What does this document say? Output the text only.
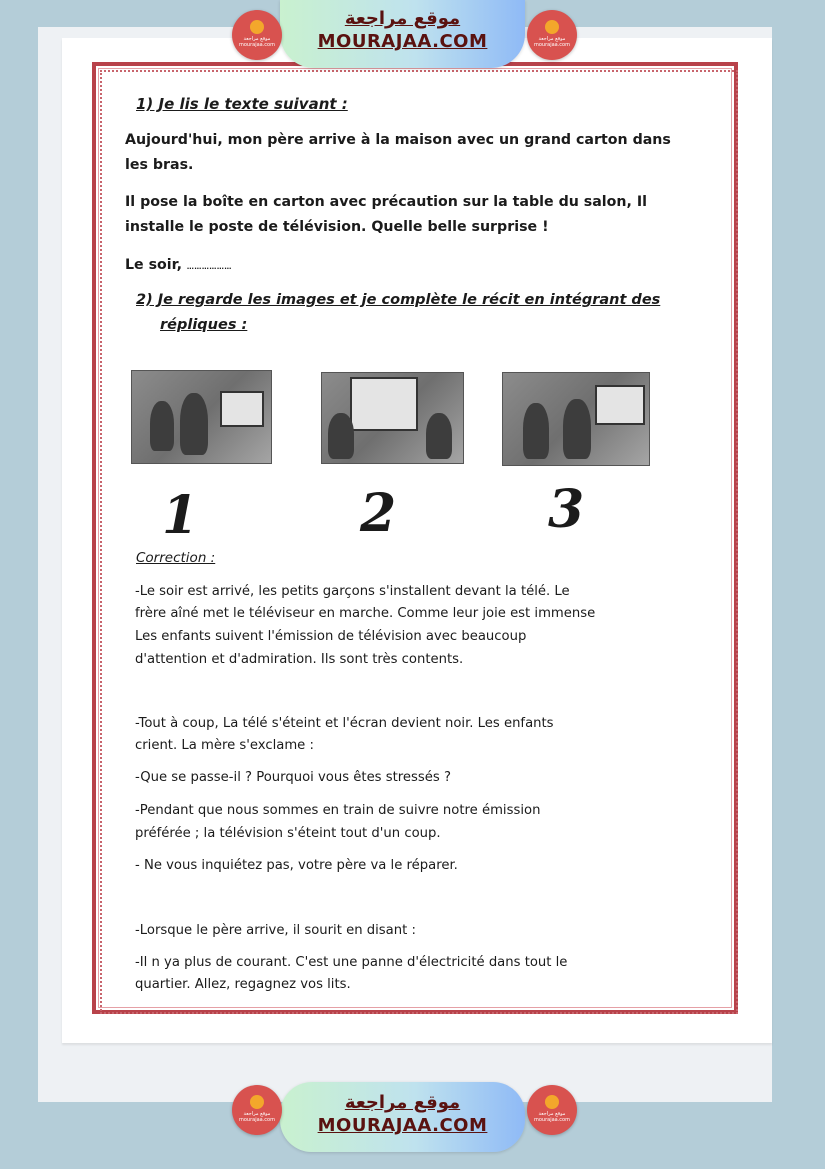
موقع مراجعة
MOURAJAA.COM
موقع مراجعة
mourajaa.com
موقع مراجعة
mourajaa.com
1) Je lis le texte suivant :
Aujourd'hui, mon père arrive à la maison avec un grand carton dans
les bras.
Il pose la boîte en carton avec précaution sur la table du salon, Il
installe le poste de télévision. Quelle belle surprise !
Le soir, ………………
2) Je regarde les images et je complète le récit en intégrant des
répliques :
1	2	3
Correction :
-Le soir est arrivé, les petits garçons s'installent devant la télé. Le
frère aîné met le téléviseur en marche. Comme leur joie est immense
Les enfants suivent l'émission de télévision avec beaucoup
d'attention et d'admiration. Ils sont très contents.
-Tout à coup, La télé s'éteint et l'écran devient noir. Les enfants
crient. La mère s'exclame :
-Que se passe-il ? Pourquoi vous êtes stressés ?
-Pendant que nous sommes en train de suivre notre émission
préférée ; la télévision s'éteint tout d'un coup.
- Ne vous inquiétez pas, votre père va le réparer.
-Lorsque le père arrive, il sourit en disant :
-Il n ya plus de courant. C'est une panne d'électricité dans tout le
quartier. Allez, regagnez vos lits.
موقع مراجعة
MOURAJAA.COM
موقع مراجعة
mourajaa.com
موقع مراجعة
mourajaa.com
